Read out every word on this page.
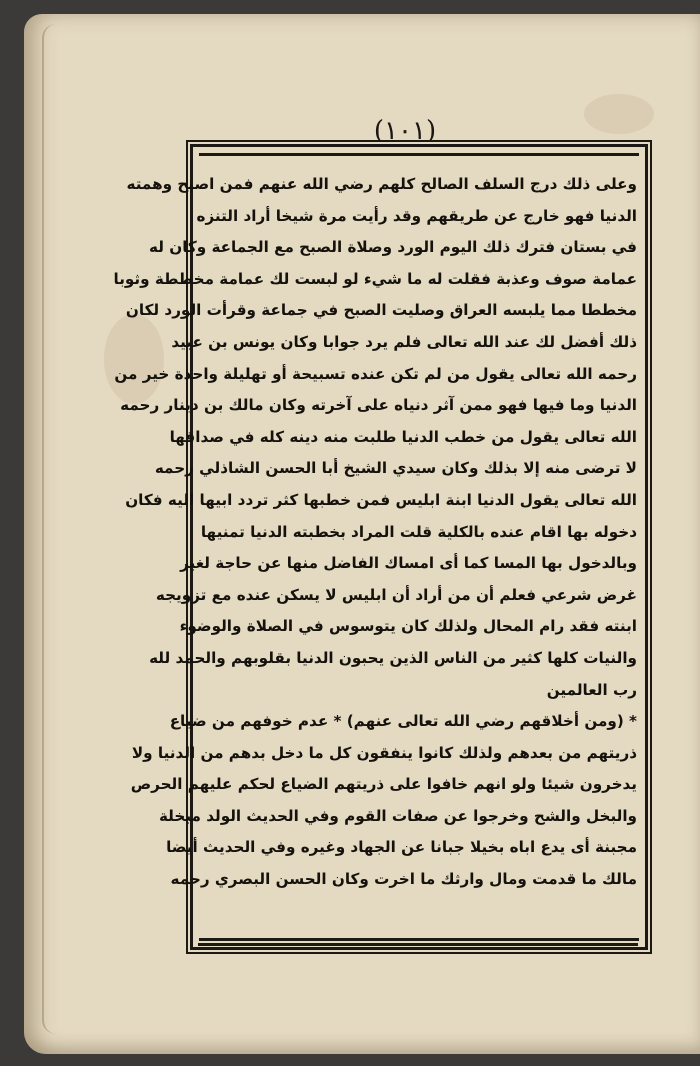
(١٠١)
وعلى ذلك درج السلف الصالح كلهم رضي الله عنهم فمن اصبح وهمته
الدنيا فهو خارج عن طريقهم وقد رأيت مرة شيخا أراد التنزه
في بستان فترك ذلك اليوم الورد وصلاة الصبح مع الجماعة وكان له
عمامة صوف وعذبة فقلت له ما شيء لو لبست لك عمامة مخططة وثوبا
مخططا مما يلبسه العراق وصليت الصبح في جماعة وقرأت الورد لكان
ذلك أفضل لك عند الله تعالى فلم يرد جوابا وكان يونس بن عبيد
رحمه الله تعالى يقول من لم تكن عنده تسبيحة أو تهليلة واحدة خير من
الدنيا وما فيها فهو ممن آثر دنياه على آخرته وكان مالك بن دينار رحمه
الله تعالى يقول من خطب الدنيا طلبت منه دينه كله في صداقها
لا ترضى منه إلا بذلك وكان سيدي الشيخ أبا الحسن الشاذلي رحمه
الله تعالى يقول الدنيا ابنة ابليس فمن خطبها كثر تردد ابيها اليه فكان
دخوله بها اقام عنده بالكلية قلت المراد بخطبته الدنيا تمنيها
وبالدخول بها المسا كما أى امساك الفاضل منها عن حاجة لغير
غرض شرعي فعلم أن من أراد أن ابليس لا يسكن عنده مع تزويجه
ابنته فقد رام المحال ولذلك كان يتوسوس في الصلاة والوضوء
والنيات كلها كثير من الناس الذين يحبون الدنيا بقلوبهم والحمد لله
رب العالمين
* (ومن أخلاقهم رضي الله تعالى عنهم) * عدم خوفهم من ضياع
ذريتهم من بعدهم ولذلك كانوا ينفقون كل ما دخل بدهم من الدنيا ولا
يدخرون شيئا ولو انهم خافوا على ذريتهم الضياع لحكم عليهم الحرص
والبخل والشح وخرجوا عن صفات القوم وفي الحديث الولد مبخلة
مجبنة أى يدع اباه بخيلا جبانا عن الجهاد وغيره وفي الحديث أيضا
مالك ما قدمت ومال وارثك ما اخرت وكان الحسن البصري رحمه
